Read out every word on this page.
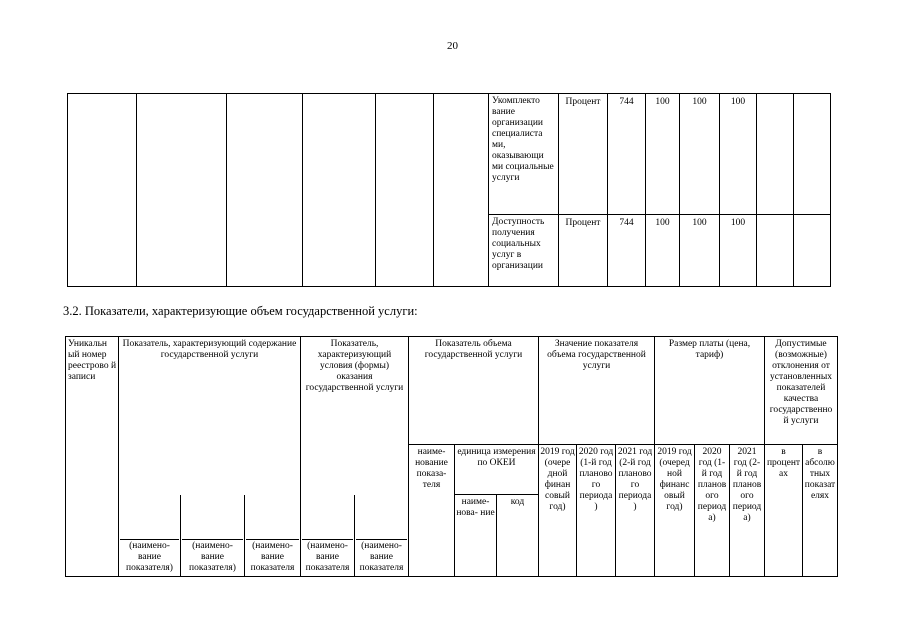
20
						Укомплекто вание организации специалиста ми, оказывающи ми социальные услуги	Процент	744	100	100	100		
						Доступность получения социальных услуг в организации	Процент	744	100	100	100		
3.2. Показатели, характеризующие объем государственной услуги:
Уникальн ый номер реестрово й записи	Показатель, характеризующий содержание государственной услуги			Показатель, характеризующий условия (формы) оказания государственной услуги		Показатель объема государственной услуги			Значение показателя объема государственной услуги			Размер платы (цена, тариф)			Допустимые (возможные) отклонения от установленных показателей качества государственно й услуги	
						наиме- нование показа- теля	единица измерения по ОКЕИ		2019 год (очере дной финан совый год)	2020 год (1-й год планово го периода )	2021 год (2-й год планово го периода )	2019 год (очеред ной финанс овый год)	2020 год (1- й год планов ого период а)	2021 год (2- й год планов ого период а)	в процент ах	в абсолю тных показат елях
	(наимено- вание показателя)	(наимено- вание показателя)	(наимено- вание показателя	(наимено- вание показателя	(наимено- вание показателя		наиме- нова- ние	код								
